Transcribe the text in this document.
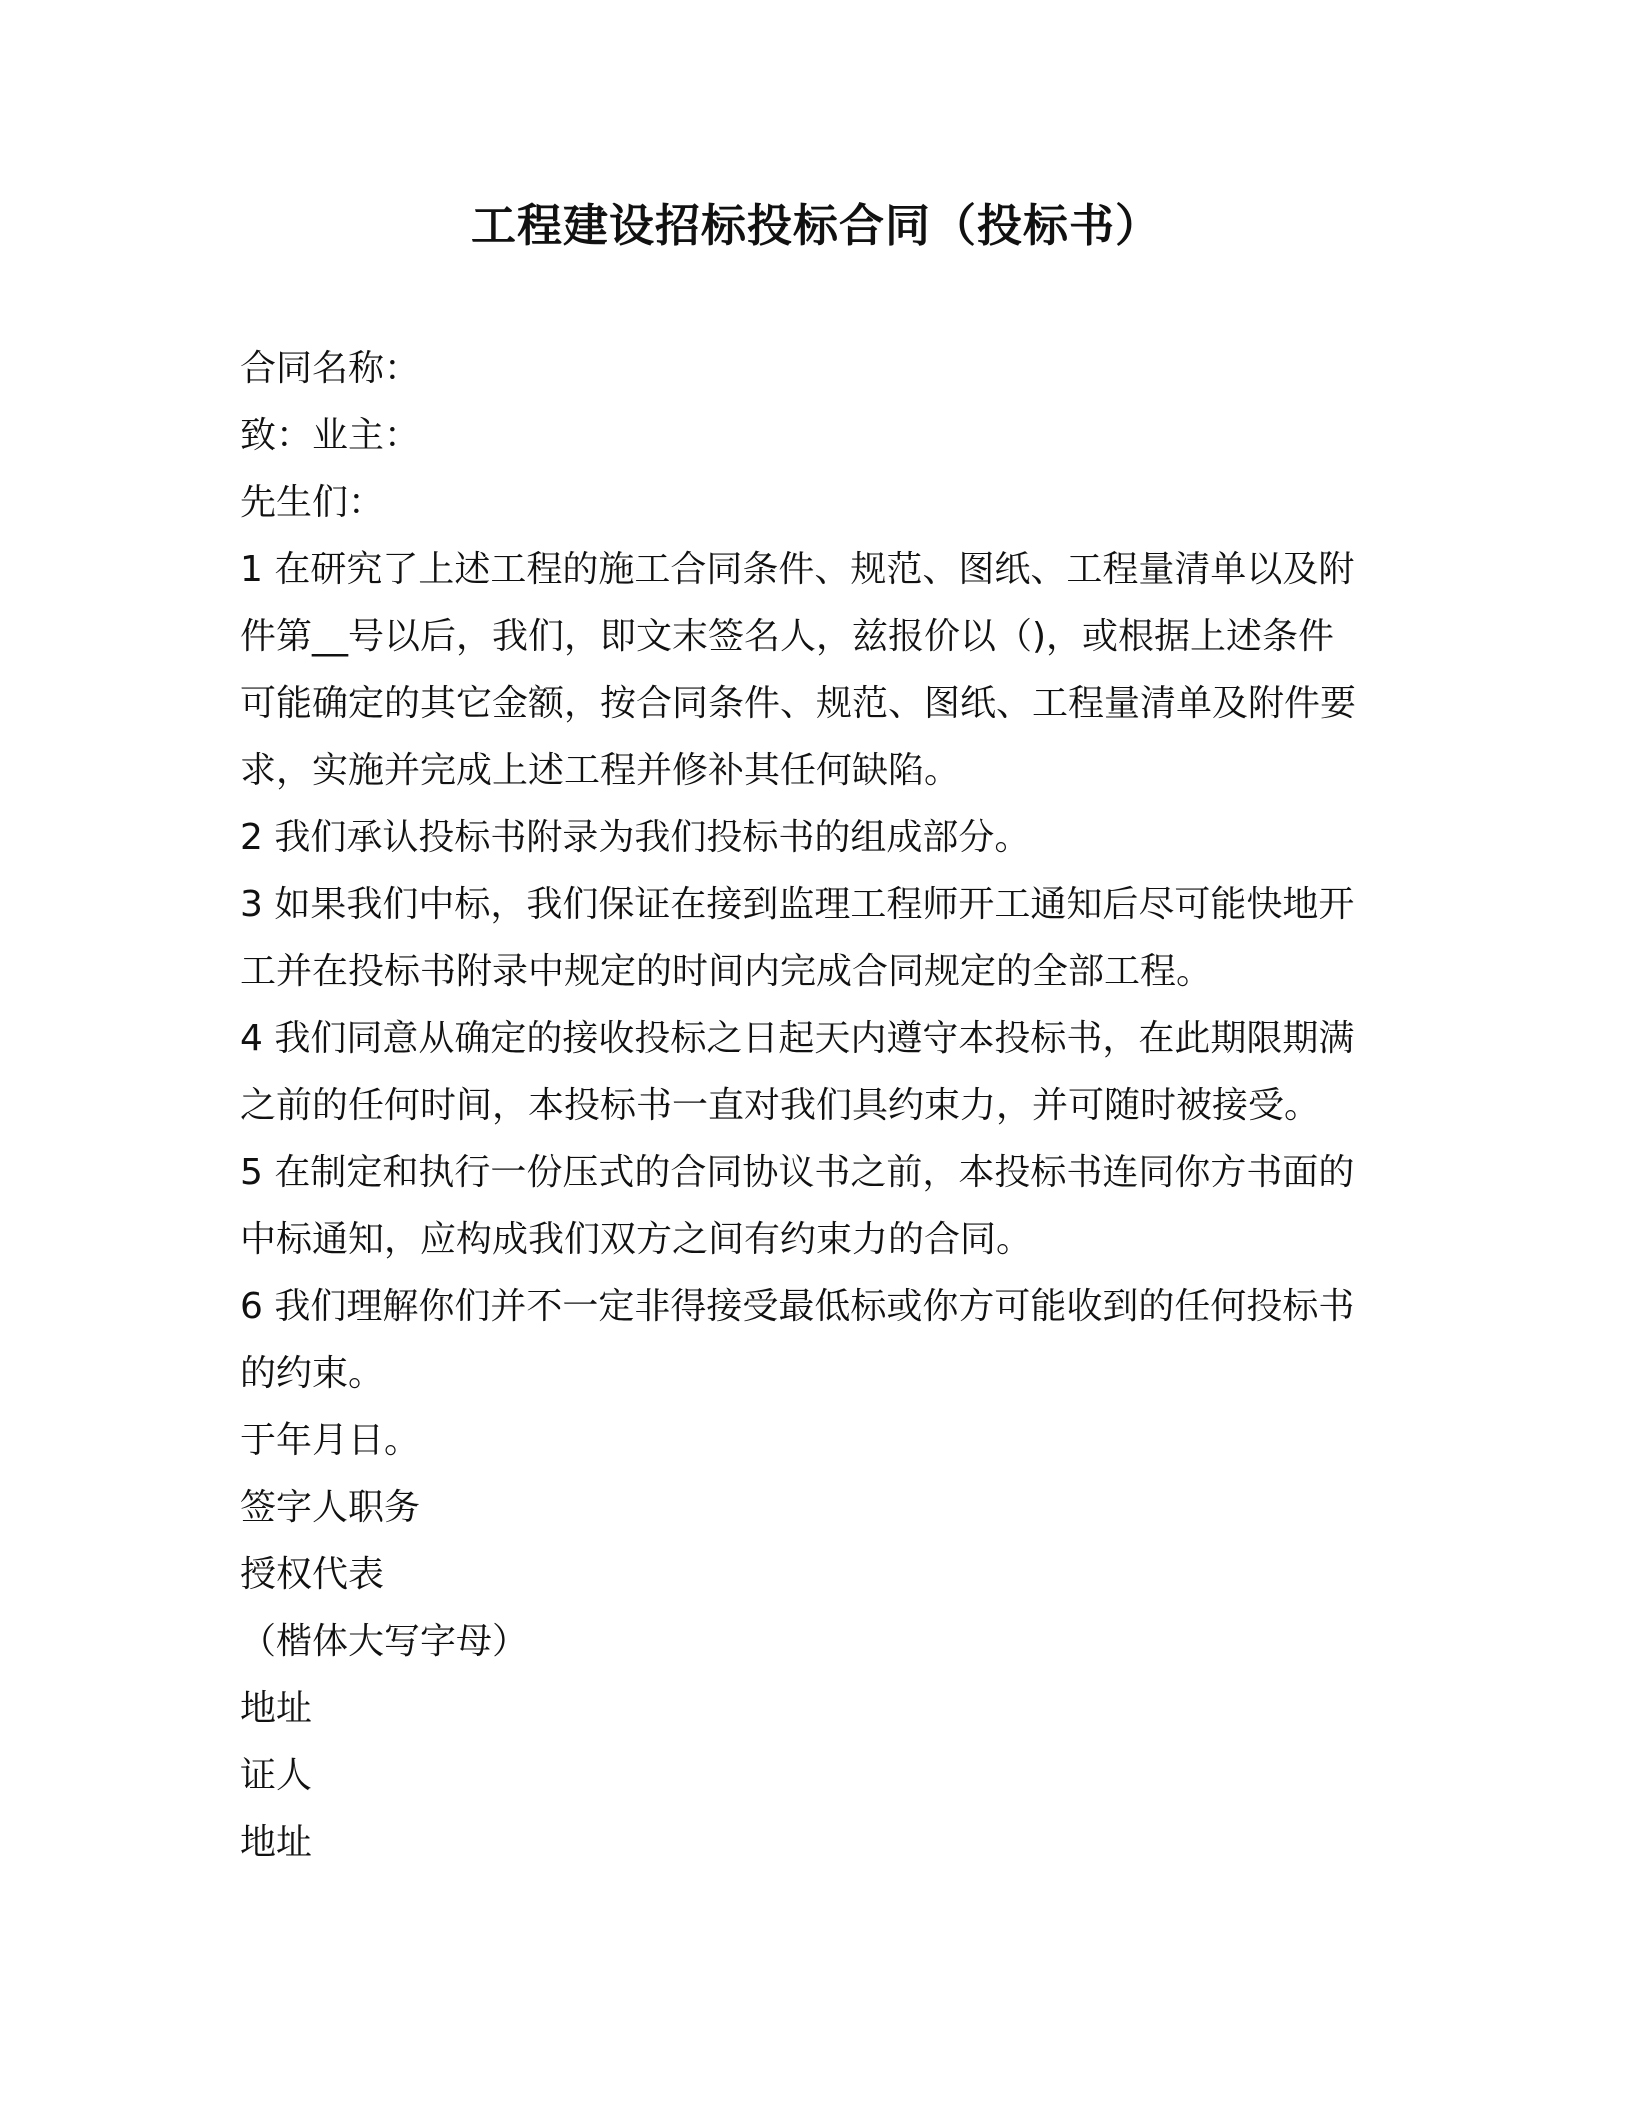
工程建设招标投标合同（投标书）
合同名称：
致：业主：
先生们：
1 在研究了上述工程的施工合同条件、规范、图纸、工程量清单以及附
件第__号以后，我们，即文末签名人，兹报价以（)，或根据上述条件
可能确定的其它金额，按合同条件、规范、图纸、工程量清单及附件要
求，实施并完成上述工程并修补其任何缺陷。
2 我们承认投标书附录为我们投标书的组成部分。
3 如果我们中标，我们保证在接到监理工程师开工通知后尽可能快地开
工并在投标书附录中规定的时间内完成合同规定的全部工程。
4 我们同意从确定的接收投标之日起天内遵守本投标书，在此期限期满
之前的任何时间，本投标书一直对我们具约束力，并可随时被接受。
5 在制定和执行一份压式的合同协议书之前，本投标书连同你方书面的
中标通知，应构成我们双方之间有约束力的合同。
6 我们理解你们并不一定非得接受最低标或你方可能收到的任何投标书
的约束。
于年月日。
签字人职务
授权代表
（楷体大写字母）
地址
证人
地址
